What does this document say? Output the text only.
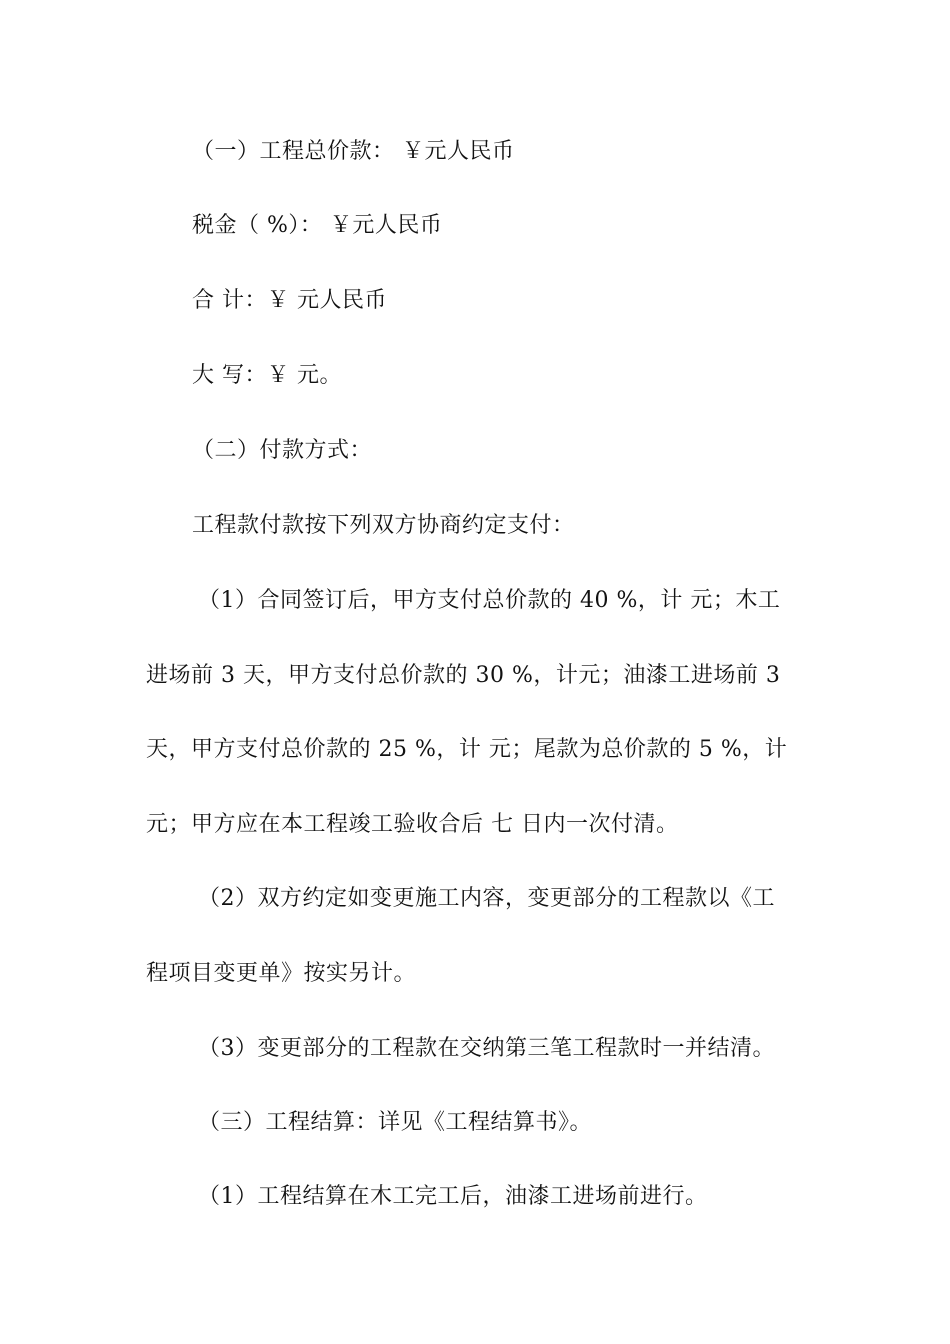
（一）工程总价款： ￥元人民币
税金（ %）： ￥元人民币
合 计：￥ 元人民币
大 写：￥ 元。
（二）付款方式：
工程款付款按下列双方协商约定支付：
（1）合同签订后，甲方支付总价款的 40 %，计 元；木工
进场前 3 天，甲方支付总价款的 30 %，计元；油漆工进场前 3
天，甲方支付总价款的 25 %，计 元；尾款为总价款的 5 %，计
元；甲方应在本工程竣工验收合后 七 日内一次付清。
（2）双方约定如变更施工内容，变更部分的工程款以《工
程项目变更单》按实另计。
（3）变更部分的工程款在交纳第三笔工程款时一并结清。
（三）工程结算：详见《工程结算书》。
（1）工程结算在木工完工后，油漆工进场前进行。
